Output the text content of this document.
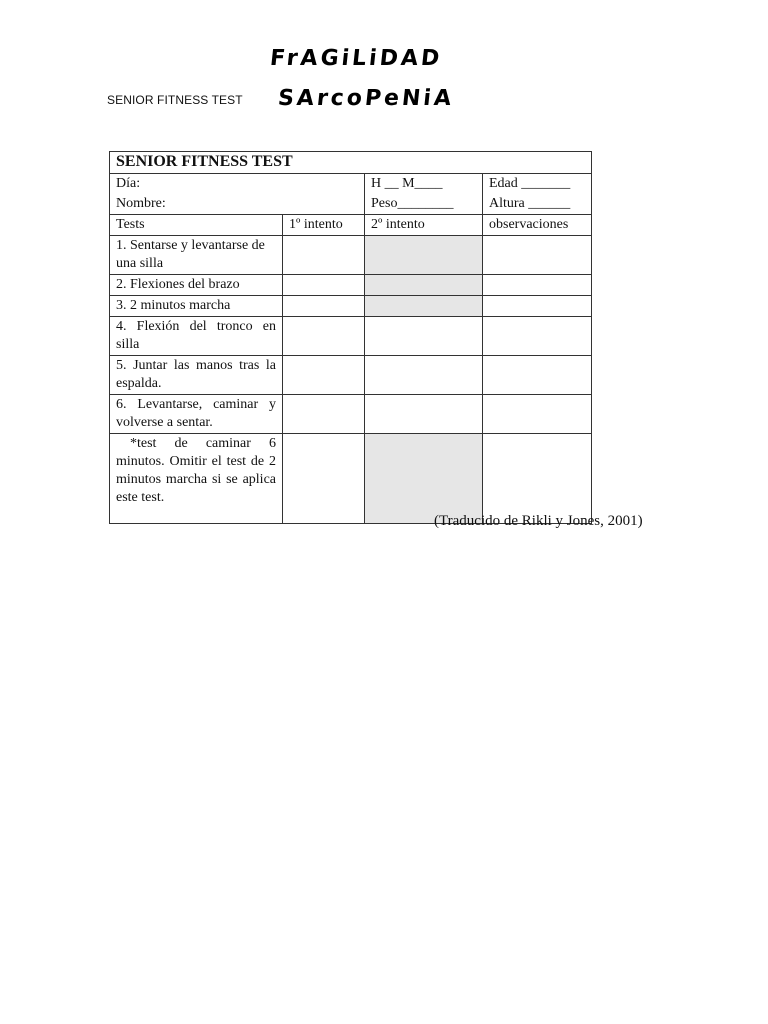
SENIOR FITNESS TEST
FrAGiLiDAD
SArcoPeNiA
SENIOR FITNESS TEST			
Día:		H __ M____	Edad _______
Nombre:		Peso________	Altura ______
Tests	1º intento	2º intento	observaciones
1. Sentarse y levantarse de una silla			
2. Flexiones del brazo			
3. 2 minutos marcha			
4. Flexión del tronco en silla			
5. Juntar las manos tras la espalda.			
6. Levantarse, caminar y volverse a sentar.			
*test de caminar 6 minutos. Omitir el test de 2 minutos marcha si se aplica este test.			
(Traducido de Rikli y Jones, 2001)
